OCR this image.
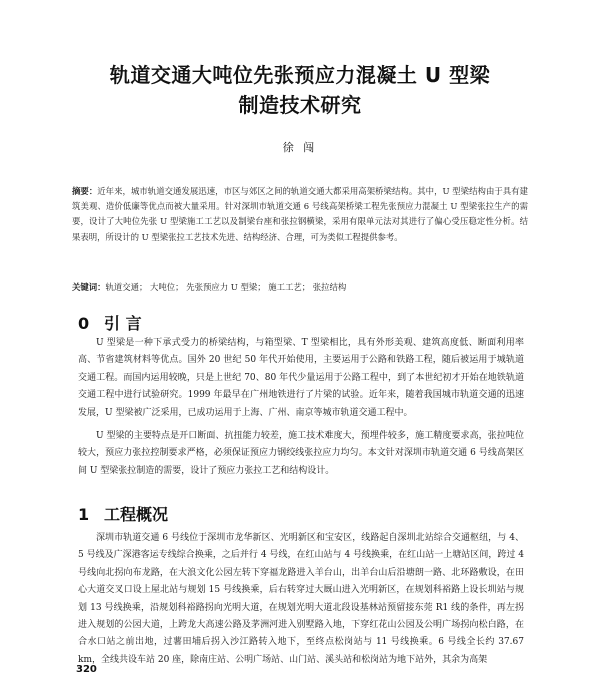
轨道交通大吨位先张预应力混凝土 U 型梁
制造技术研究
徐 闯
摘要：近年来，城市轨道交通发展迅速，市区与郊区之间的轨道交通大都采用高架桥梁结构。其中，U 型梁结构由于具有建筑美观、造价低廉等优点而被大量采用。针对深圳市轨道交通 6 号线高架桥梁工程先张预应力混凝土 U 型梁张拉生产的需要，设计了大吨位先张 U 型梁施工工艺以及制梁台座和张拉钢横梁，采用有限单元法对其进行了偏心受压稳定性分析。结果表明，所设计的 U 型梁张拉工艺技术先进、结构经济、合理，可为类似工程提供参考。
关键词：轨道交通； 大吨位； 先张预应力 U 型梁； 施工工艺； 张拉结构
0 引 言
U 型梁是一种下承式受力的桥梁结构，与箱型梁、T 型梁相比，具有外形美观、建筑高度低、断面利用率高、节省建筑材料等优点。国外 20 世纪 50 年代开始使用，主要运用于公路和铁路工程，随后被运用于城轨道交通工程。而国内运用较晚，只是上世纪 70、80 年代少量运用于公路工程中，到了本世纪初才开始在地铁轨道交通工程中进行试验研究。1999 年最早在广州地铁进行了片梁的试验。近年来，随着我国城市轨道交通的迅速发展，U 型梁被广泛采用，已成功运用于上海、广州、南京等城市轨道交通工程中。
U 型梁的主要特点是开口断面、抗扭能力较差，施工技术难度大，预埋件较多，施工精度要求高，张拉吨位较大，预应力张拉控制要求严格，必须保证预应力钢绞线张拉应力均匀。本文针对深圳市轨道交通 6 号线高架区间 U 型梁张拉制造的需要，设计了预应力张拉工艺和结构设计。
1 工程概况
深圳市轨道交通 6 号线位于深圳市龙华新区、光明新区和宝安区，线路起自深圳北站综合交通枢纽，与 4、5 号线及广深港客运专线综合换乘，之后并行 4 号线，在红山站与 4 号线换乘，在红山站一上塘站区间，跨过 4 号线向北拐向布龙路，在大浪文化公园左转下穿福龙路进入羊台山，出羊台山后沿塘朗一路、北环路敷设，在田心大道交叉口设上屋北站与规划 15 号线换乘，后右转穿过大厩山进入光明新区，在规划科裕路上设长圳站与规划 13 号线换乘，沿规划科裕路拐向光明大道，在规划光明大道北段设基林站预留接东莞 R1 线的条件，再左拐进入规划的公园大道，上跨龙大高速公路及茅洲河进入别墅路入地，下穿红花山公园及公明广场拐向松白路，在合水口站之前出地，过薯田埔后拐入沙江路转入地下，至终点松岗站与 11 号线换乘。6 号线全长约 37.67 km，全线共设车站 20 座，除南庄站、公明广场站、山门站、溪头站和松岗站为地下站外，其余为高架
320
